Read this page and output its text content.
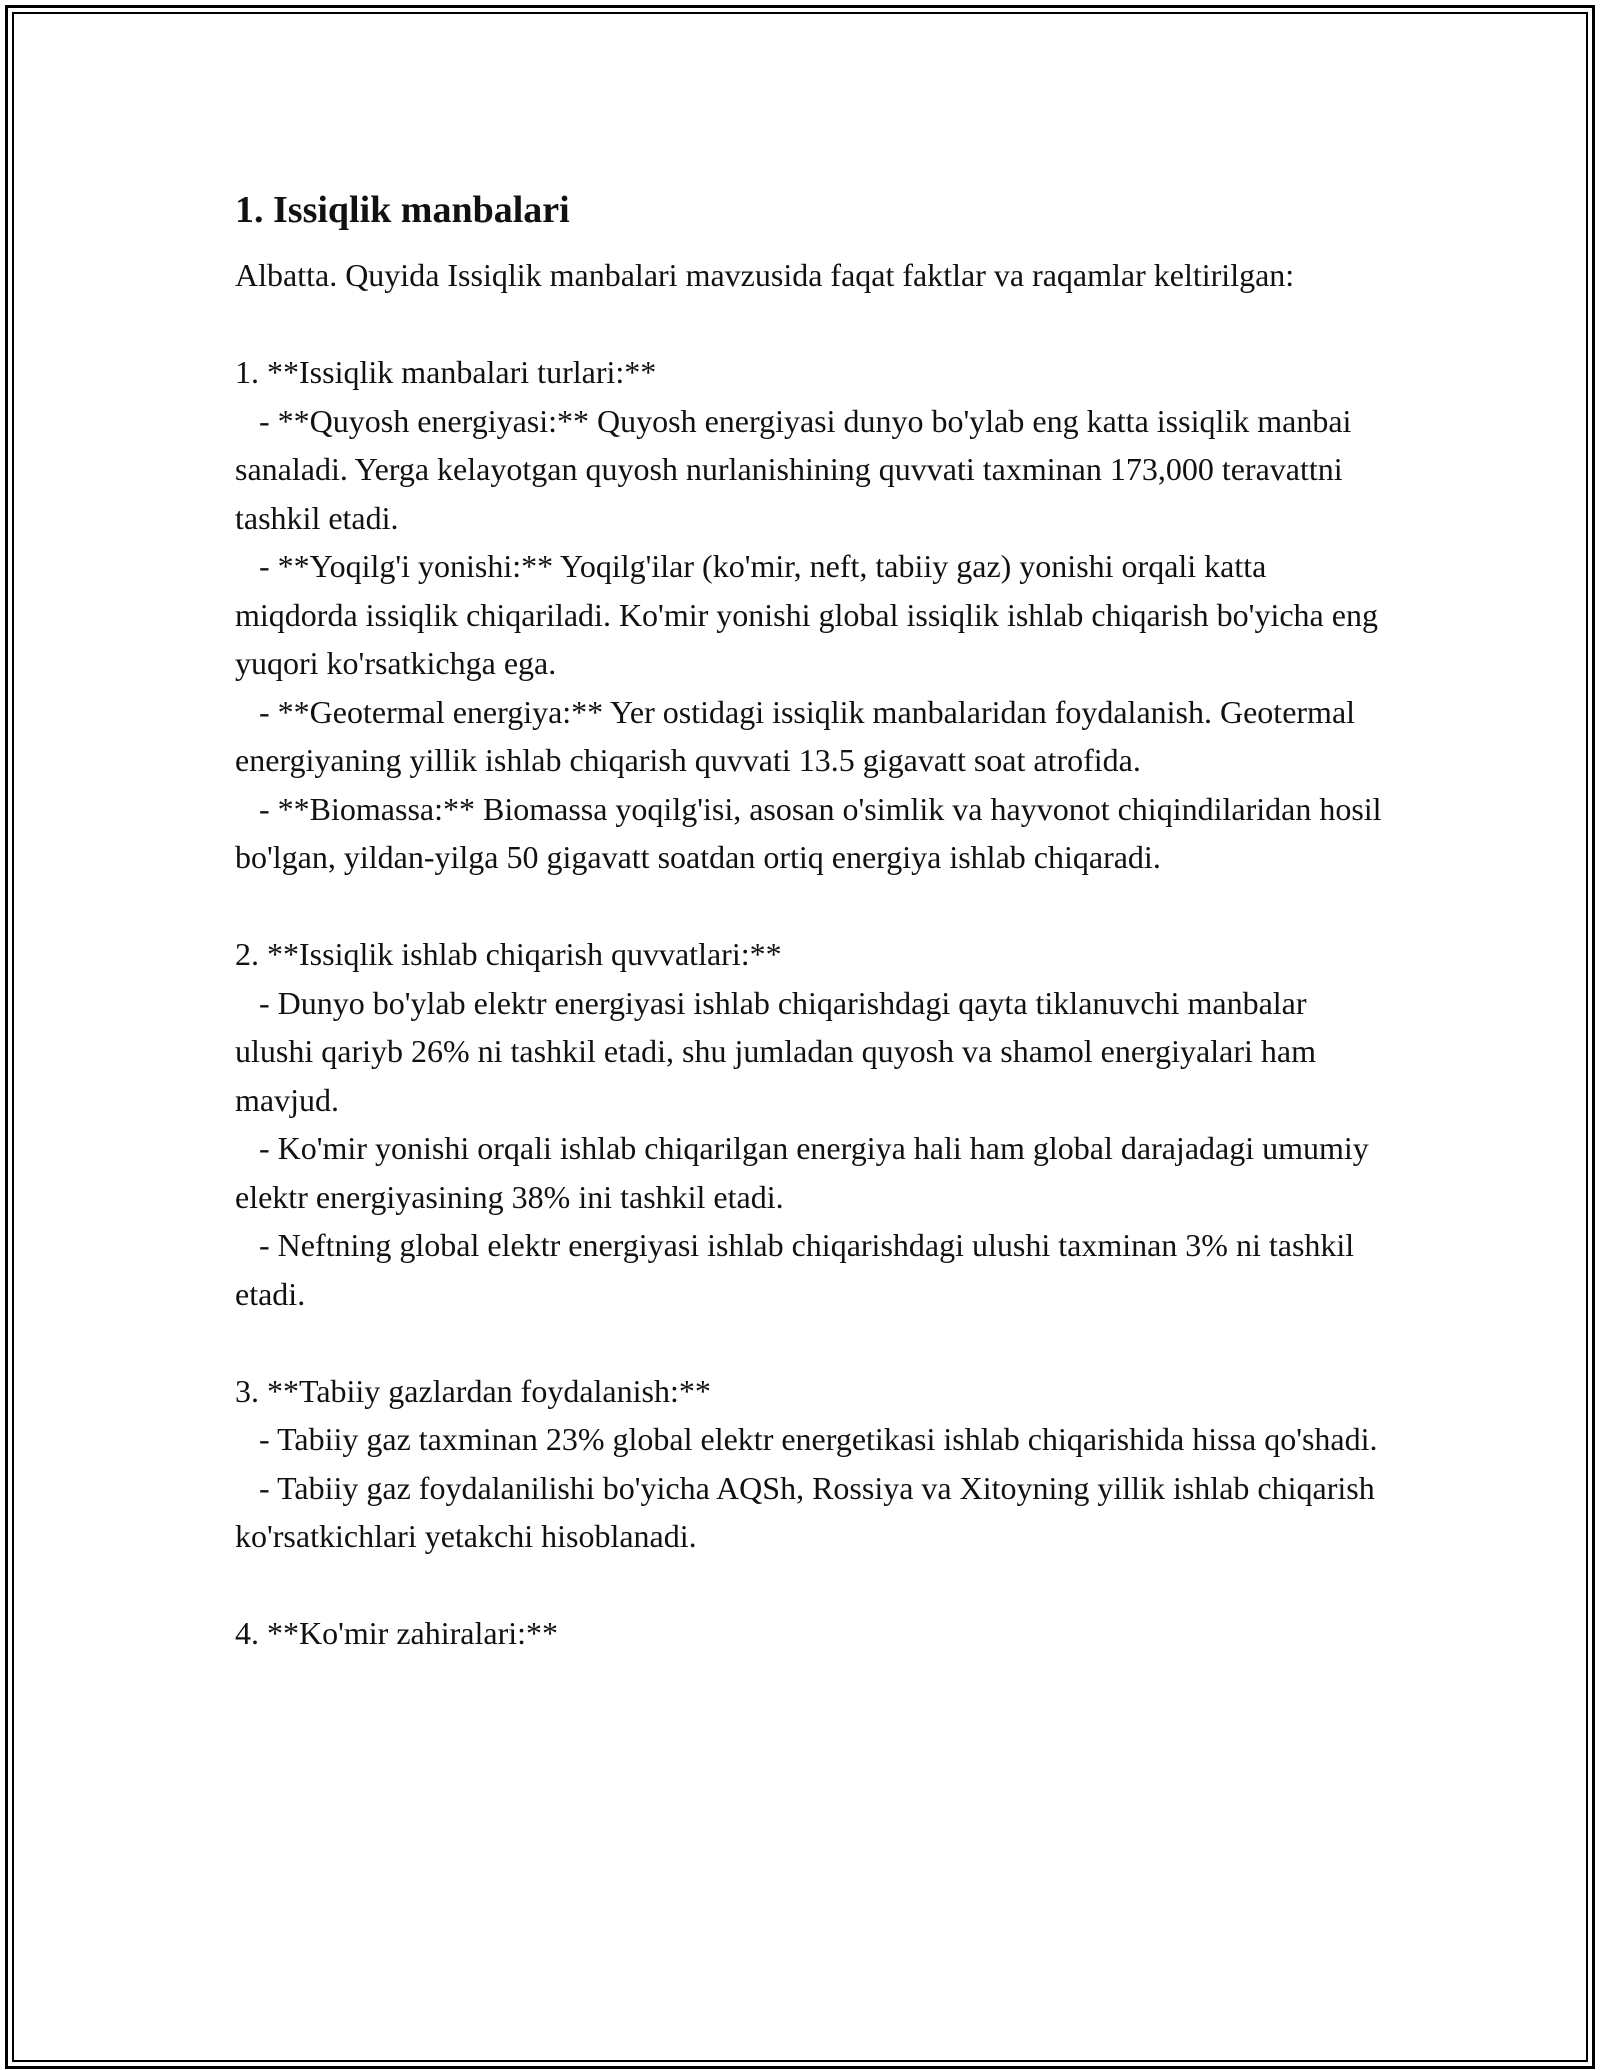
1. Issiqlik manbalari

Albatta. Quyida Issiqlik manbalari mavzusida faqat faktlar va raqamlar keltirilgan:

1. **Issiqlik manbalari turlari:**

- **Quyosh energiyasi:** Quyosh energiyasi dunyo bo'ylab eng katta issiqlik manbai sanaladi. Yerga kelayotgan quyosh nurlanishining quvvati taxminan 173,000 teravattni tashkil etadi.

- **Yoqilg'i yonishi:** Yoqilg'ilar (ko'mir, neft, tabiiy gaz) yonishi orqali katta miqdorda issiqlik chiqariladi. Ko'mir yonishi global issiqlik ishlab chiqarish bo'yicha eng yuqori ko'rsatkichga ega.

- **Geotermal energiya:** Yer ostidagi issiqlik manbalaridan foydalanish. Geotermal energiyaning yillik ishlab chiqarish quvvati 13.5 gigavatt soat atrofida.

- **Biomassa:** Biomassa yoqilg'isi, asosan o'simlik va hayvonot chiqindilaridan hosil bo'lgan, yildan-yilga 50 gigavatt soatdan ortiq energiya ishlab chiqaradi.

2. **Issiqlik ishlab chiqarish quvvatlari:**

- Dunyo bo'ylab elektr energiyasi ishlab chiqarishdagi qayta tiklanuvchi manbalar ulushi qariyb 26% ni tashkil etadi, shu jumladan quyosh va shamol energiyalari ham mavjud.

- Ko'mir yonishi orqali ishlab chiqarilgan energiya hali ham global darajadagi umumiy elektr energiyasining 38% ini tashkil etadi.

- Neftning global elektr energiyasi ishlab chiqarishdagi ulushi taxminan 3% ni tashkil etadi.

3. **Tabiiy gazlardan foydalanish:**

- Tabiiy gaz taxminan 23% global elektr energetikasi ishlab chiqarishida hissa qo'shadi.

- Tabiiy gaz foydalanilishi bo'yicha AQSh, Rossiya va Xitoyning yillik ishlab chiqarish ko'rsatkichlari yetakchi hisoblanadi.

4. **Ko'mir zahiralari:**
